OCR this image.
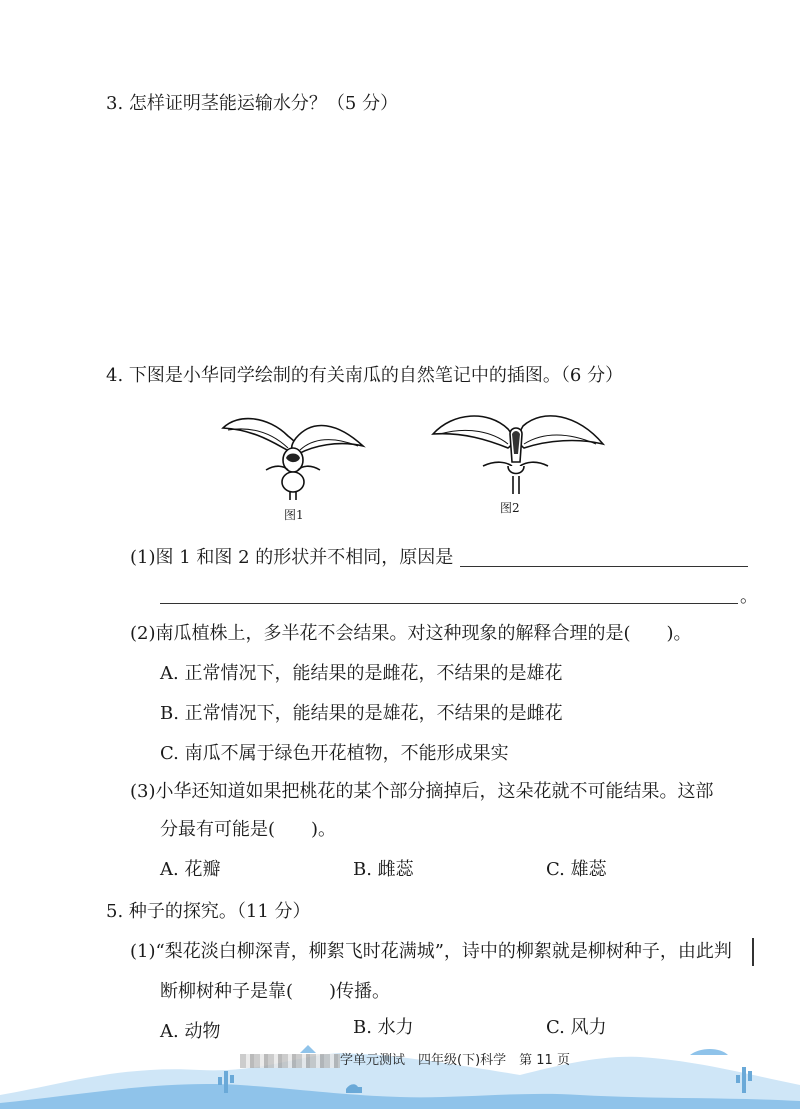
3. 怎样证明茎能运输水分？（5 分）
4. 下图是小华同学绘制的有关南瓜的自然笔记中的插图。（6 分）
图1	图2
(1)图 1 和图 2 的形状并不相同，原因是
。
(2)南瓜植株上，多半花不会结果。对这种现象的解释合理的是(　　)。
A. 正常情况下，能结果的是雌花，不结果的是雄花
B. 正常情况下，能结果的是雄花，不结果的是雌花
C. 南瓜不属于绿色开花植物，不能形成果实
(3)小华还知道如果把桃花的某个部分摘掉后，这朵花就不可能结果。这部
分最有可能是(　　)。
A. 花瓣	B. 雌蕊	C. 雄蕊
5. 种子的探究。（11 分）
(1)“梨花淡白柳深青，柳絮飞时花满城”，诗中的柳絮就是柳树种子，由此判
断柳树种子是靠(　　)传播。
A. 动物	B. 水力	C. 风力
学单元测试　四年级(下)科学　第 11 页
